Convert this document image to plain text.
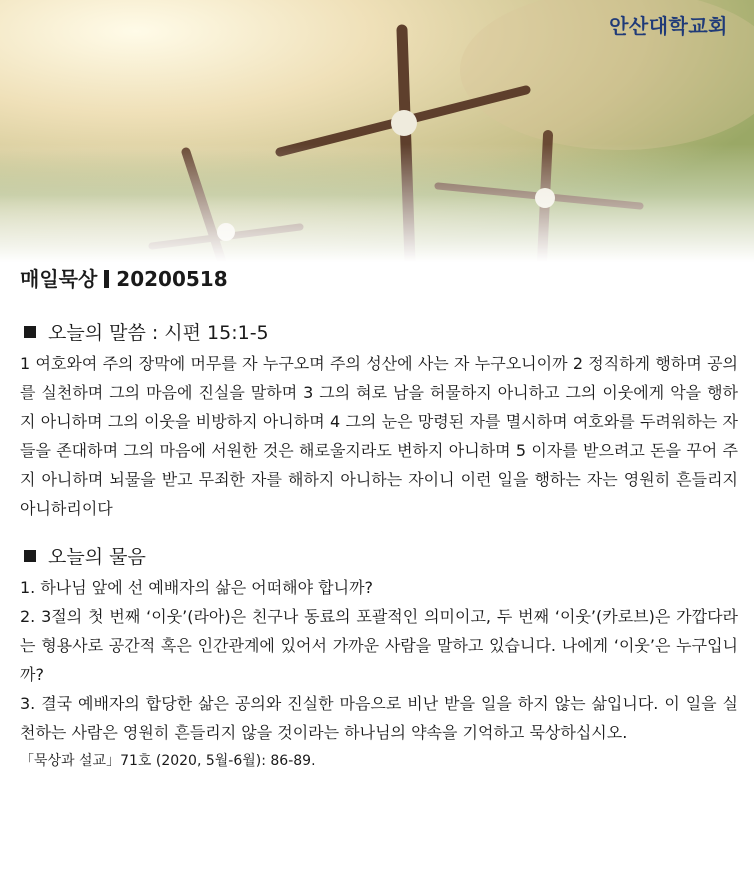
안산대학교회
매일묵상 20200518
오늘의 말씀 : 시편 15:1-5
1 여호와여 주의 장막에 머무를 자 누구오며 주의 성산에 사는 자 누구오니이까 2 정직하게 행하며 공의를 실천하며 그의 마음에 진실을 말하며 3 그의 혀로 남을 허물하지 아니하고 그의 이웃에게 악을 행하지 아니하며 그의 이웃을 비방하지 아니하며 4 그의 눈은 망령된 자를 멸시하며 여호와를 두려워하는 자들을 존대하며 그의 마음에 서원한 것은 해로울지라도 변하지 아니하며 5 이자를 받으려고 돈을 꾸어 주지 아니하며 뇌물을 받고 무죄한 자를 해하지 아니하는 자이니 이런 일을 행하는 자는 영원히 흔들리지 아니하리이다
오늘의 물음
1. 하나님 앞에 선 예배자의 삶은 어떠해야 합니까?
2. 3절의 첫 번째 ‘이웃’(라아)은 친구나 동료의 포괄적인 의미이고, 두 번째 ‘이웃’(카로브)은 가깝다라는 형용사로 공간적 혹은 인간관계에 있어서 가까운 사람을 말하고 있습니다. 나에게 ‘이웃’은 누구입니까?
3. 결국 예배자의 합당한 삶은 공의와 진실한 마음으로 비난 받을 일을 하지 않는 삶입니다. 이 일을 실천하는 사람은 영원히 흔들리지 않을 것이라는 하나님의 약속을 기억하고 묵상하십시오.
「묵상과 설교」71호 (2020, 5월-6월): 86-89.
